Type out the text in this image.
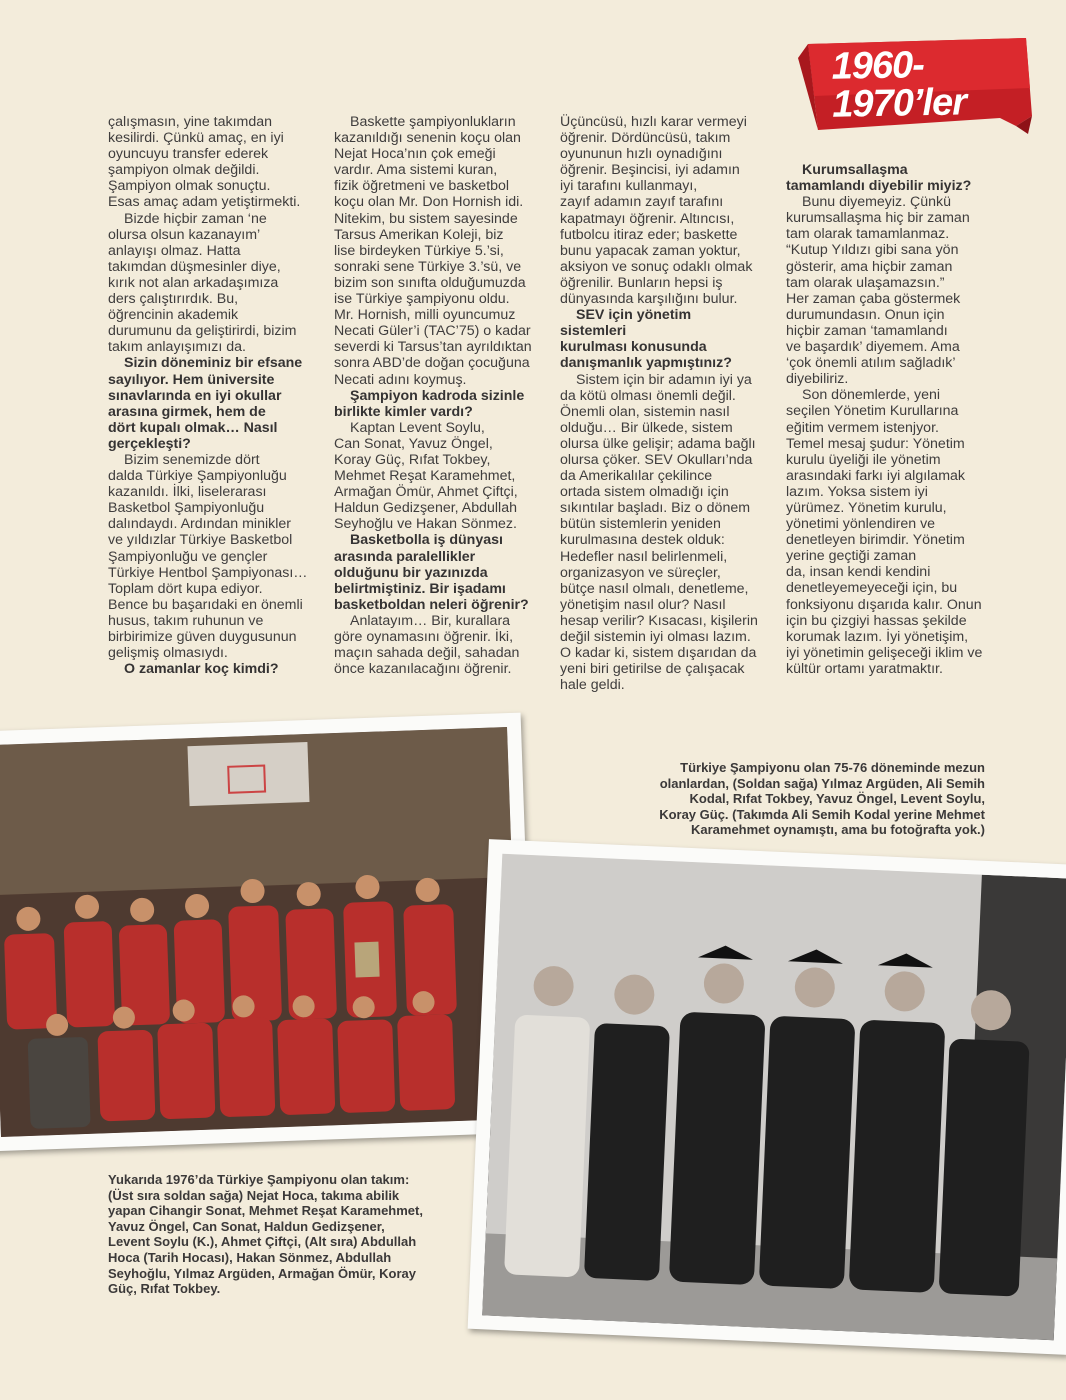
1960-
1970’ler

çalışmasın, yine takımdan
kesilirdi. Çünkü amaç, en iyi
oyuncuyu transfer ederek
şampiyon olmak değildi.
Şampiyon olmak sonuçtu.
Esas amaç adam yetiştirmekti.

Bizde hiçbir zaman ‘ne
olursa olsun kazanayım’
anlayışı olmaz. Hatta
takımdan düşmesinler diye,
kırık not alan arkadaşımıza
ders çalıştırırdık. Bu,
öğrencinin akademik
durumunu da geliştirirdi, bizim
takım anlayışımızı da.

Sizin döneminiz bir efsane
sayılıyor. Hem üniversite
sınavlarında en iyi okullar
arasına girmek, hem de
dört kupalı olmak… Nasıl
gerçekleşti?

Bizim senemizde dört
dalda Türkiye Şampiyonluğu
kazanıldı. İlki, liselerarası
Basketbol Şampiyonluğu
dalındaydı. Ardından minikler
ve yıldızlar Türkiye Basketbol
Şampiyonluğu ve gençler
Türkiye Hentbol Şampiyonası…
Toplam dört kupa ediyor.
Bence bu başarıdaki en önemli
husus, takım ruhunun ve
birbirimize güven duygusunun
gelişmiş olmasıydı.

O zamanlar koç kimdi?

Baskette şampiyonlukların
kazanıldığı senenin koçu olan
Nejat Hoca’nın çok emeği
vardır. Ama sistemi kuran,
fizik öğretmeni ve basketbol
koçu olan Mr. Don Hornish idi.
Nitekim, bu sistem sayesinde
Tarsus Amerikan Koleji, biz
lise birdeyken Türkiye 5.’si,
sonraki sene Türkiye 3.’sü, ve
bizim son sınıfta olduğumuzda
ise Türkiye şampiyonu oldu.
Mr. Hornish, milli oyuncumuz
Necati Güler’i (TAC’75) o kadar
severdi ki Tarsus’tan ayrıldıktan
sonra ABD’de doğan çocuğuna
Necati adını koymuş.

Şampiyon kadroda sizinle
birlikte kimler vardı?

Kaptan Levent Soylu,
Can Sonat, Yavuz Öngel,
Koray Güç, Rıfat Tokbey,
Mehmet Reşat Karamehmet,
Armağan Ömür, Ahmet Çiftçi,
Haldun Gedizşener, Abdullah
Seyhoğlu ve Hakan Sönmez.

Basketbolla iş dünyası
arasında paralellikler
olduğunu bir yazınızda
belirtmiştiniz. Bir işadamı
basketboldan neleri öğrenir?

Anlatayım… Bir, kurallara
göre oynamasını öğrenir. İki,
maçın sahada değil, sahadan
önce kazanılacağını öğrenir.

Üçüncüsü, hızlı karar vermeyi
öğrenir. Dördüncüsü, takım
oyununun hızlı oynadığını
öğrenir. Beşincisi, iyi adamın
iyi tarafını kullanmayı,
zayıf adamın zayıf tarafını
kapatmayı öğrenir. Altıncısı,
futbolcu itiraz eder; baskette
bunu yapacak zaman yoktur,
aksiyon ve sonuç odaklı olmak
öğrenilir. Bunların hepsi iş
dünyasında karşılığını bulur.

SEV için yönetim sistemleri
kurulması konusunda
danışmanlık yapmıştınız?

Sistem için bir adamın iyi ya
da kötü olması önemli değil.
Önemli olan, sistemin nasıl
olduğu… Bir ülkede, sistem
olursa ülke gelişir; adama bağlı
olursa çöker. SEV Okulları’nda
da Amerikalılar çekilince
ortada sistem olmadığı için
sıkıntılar başladı. Biz o dönem
bütün sistemlerin yeniden
kurulmasına destek olduk:
Hedefler nasıl belirlenmeli,
organizasyon ve süreçler,
bütçe nasıl olmalı, denetleme,
yönetişim nasıl olur? Nasıl
hesap verilir? Kısacası, kişilerin
değil sistemin iyi olması lazım.
O kadar ki, sistem dışarıdan da
yeni biri getirilse de çalışacak
hale geldi.

Kurumsallaşma
tamamlandı diyebilir miyiz?

Bunu diyemeyiz. Çünkü
kurumsallaşma hiç bir zaman
tam olarak tamamlanmaz.
“Kutup Yıldızı gibi sana yön
gösterir, ama hiçbir zaman
tam olarak ulaşamazsın.”
Her zaman çaba göstermek
durumundasın. Onun için
hiçbir zaman ‘tamamlandı
ve başardık’ diyemem. Ama
‘çok önemli atılım sağladık’
diyebiliriz.

Son dönemlerde, yeni
seçilen Yönetim Kurullarına
eğitim vermem istenjyor.
Temel mesaj şudur: Yönetim
kurulu üyeliği ile yönetim
arasındaki farkı iyi algılamak
lazım. Yoksa sistem iyi
yürümez. Yönetim kurulu,
yönetimi yönlendiren ve
denetleyen birimdir. Yönetim
yerine geçtiği zaman
da, insan kendi kendini
denetleyemeyeceği için, bu
fonksiyonu dışarıda kalır. Onun
için bu çizgiyi hassas şekilde
korumak lazım. İyi yönetişim,
iyi yönetimin gelişeceği iklim ve
kültür ortamı yaratmaktır.

Yukarıda 1976’da Türkiye Şampiyonu olan takım:
(Üst sıra soldan sağa) Nejat Hoca, takıma abilik
yapan Cihangir Sonat, Mehmet Reşat Karamehmet,
Yavuz Öngel, Can Sonat, Haldun Gedizşener,
Levent Soylu (K.), Ahmet Çiftçi, (Alt sıra) Abdullah
Hoca (Tarih Hocası), Hakan Sönmez, Abdullah
Seyhoğlu, Yılmaz Argüden, Armağan Ömür, Koray
Güç, Rıfat Tokbey.
Türkiye Şampiyonu olan 75-76 döneminde mezun
olanlardan, (Soldan sağa) Yılmaz Argüden, Ali Semih
Kodal, Rıfat Tokbey, Yavuz Öngel, Levent Soylu,
Koray Güç. (Takımda Ali Semih Kodal yerine Mehmet
Karamehmet oynamıştı, ama bu fotoğrafta yok.)
